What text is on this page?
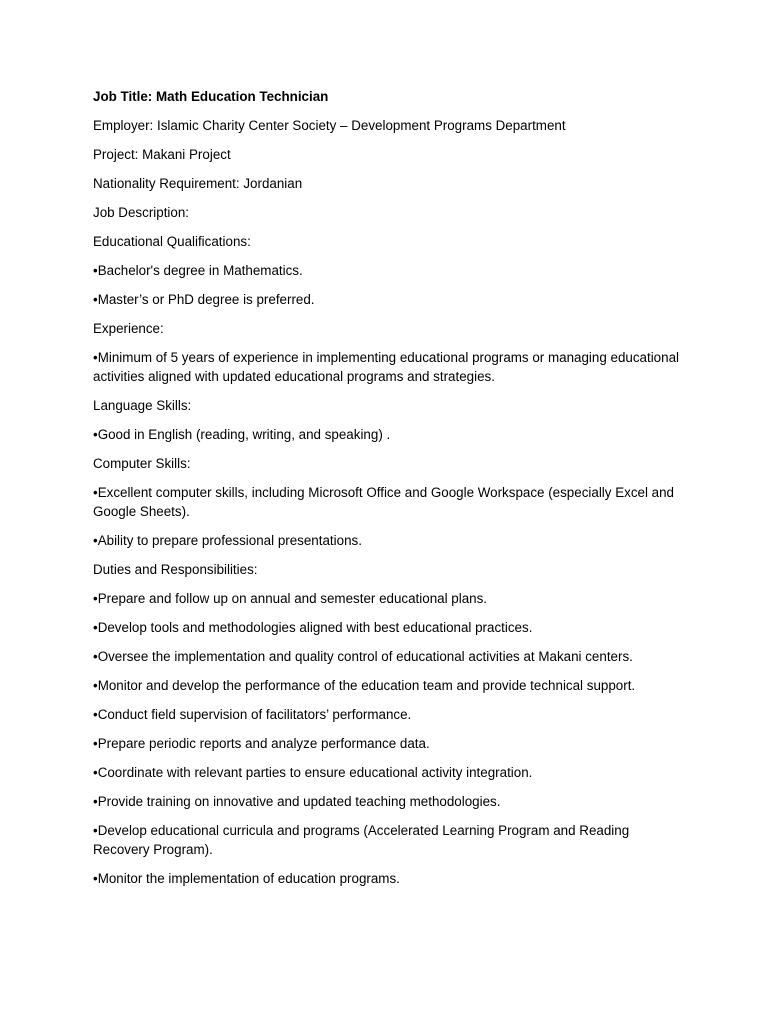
Job Title: Math Education Technician

Employer: Islamic Charity Center Society – Development Programs Department

Project: Makani Project

Nationality Requirement: Jordanian

Job Description:

Educational Qualifications:

•Bachelor's degree in Mathematics.

•Master’s or PhD degree is preferred.

Experience:

•Minimum of 5 years of experience in implementing educational programs or managing educational activities aligned with updated educational programs and strategies.

Language Skills:

•Good in English (reading, writing, and speaking) .

Computer Skills:

•Excellent computer skills, including Microsoft Office and Google Workspace (especially Excel and Google Sheets).

•Ability to prepare professional presentations.

Duties and Responsibilities:

•Prepare and follow up on annual and semester educational plans.

•Develop tools and methodologies aligned with best educational practices.

•Oversee the implementation and quality control of educational activities at Makani centers.

•Monitor and develop the performance of the education team and provide technical support.

•Conduct field supervision of facilitators’ performance.

•Prepare periodic reports and analyze performance data.

•Coordinate with relevant parties to ensure educational activity integration.

•Provide training on innovative and updated teaching methodologies.

•Develop educational curricula and programs (Accelerated Learning Program and Reading Recovery Program).

•Monitor the implementation of education programs.
